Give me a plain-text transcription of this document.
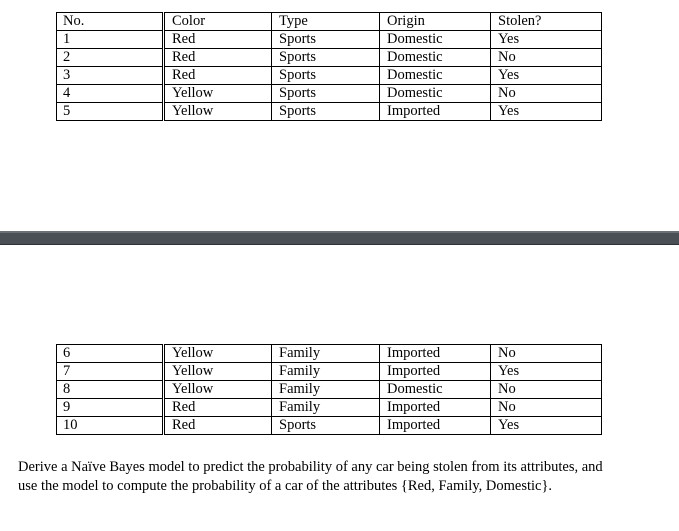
No.	Color	Type	Origin	Stolen?
1	Red	Sports	Domestic	Yes
2	Red	Sports	Domestic	No
3	Red	Sports	Domestic	Yes
4	Yellow	Sports	Domestic	No
5	Yellow	Sports	Imported	Yes
6	Yellow	Family	Imported	No
7	Yellow	Family	Imported	Yes
8	Yellow	Family	Domestic	No
9	Red	Family	Imported	No
10	Red	Sports	Imported	Yes
Derive a Naïve Bayes model to predict the probability of any car being stolen from its attributes, and use the model to compute the probability of a car of the attributes {Red, Family, Domestic}.
